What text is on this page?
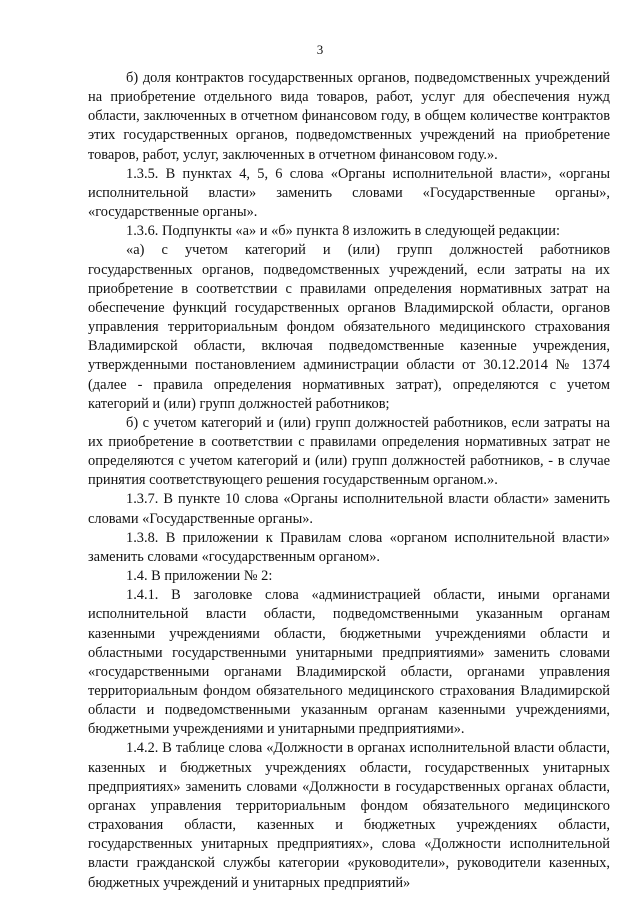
3

б) доля контрактов государственных органов, подведомственных учреждений на приобретение отдельного вида товаров, работ, услуг для обеспечения нужд области, заключенных в отчетном финансовом году, в общем количестве контрактов этих государственных органов, подведомственных учреждений на приобретение товаров, работ, услуг, заключенных в отчетном финансовом году.».

1.3.5. В пунктах 4, 5, 6 слова «Органы исполнительной власти», «органы исполнительной власти» заменить словами «Государственные органы», «государственные органы».

1.3.6. Подпункты «а» и «б» пункта 8 изложить в следующей редакции:

«а) с учетом категорий и (или) групп должностей работников государственных органов, подведомственных учреждений, если затраты на их приобретение в соответствии с правилами определения нормативных затрат на обеспечение функций государственных органов Владимирской области, органов управления территориальным фондом обязательного медицинского страхования Владимирской области, включая подведомственные казенные учреждения, утвержденными постановлением администрации области от 30.12.2014 № 1374 (далее - правила определения нормативных затрат), определяются с учетом категорий и (или) групп должностей работников;

б) с учетом категорий и (или) групп должностей работников, если затраты на их приобретение в соответствии с правилами определения нормативных затрат не определяются с учетом категорий и (или) групп должностей работников, - в случае принятия соответствующего решения государственным органом.».

1.3.7. В пункте 10 слова «Органы исполнительной власти области» заменить словами «Государственные органы».

1.3.8. В приложении к Правилам слова «органом исполнительной власти» заменить словами «государственным органом».

1.4. В приложении № 2:

1.4.1. В заголовке слова «администрацией области, иными органами исполнительной власти области, подведомственными указанным органам казенными учреждениями области, бюджетными учреждениями области и областными государственными унитарными предприятиями» заменить словами «государственными органами Владимирской области, органами управления территориальным фондом обязательного медицинского страхования Владимирской области и подведомственными указанным органам казенными учреждениями, бюджетными учреждениями и унитарными предприятиями».

1.4.2. В таблице слова «Должности в органах исполнительной власти области, казенных и бюджетных учреждениях области, государственных унитарных предприятиях» заменить словами «Должности в государственных органах области, органах управления территориальным фондом обязательного медицинского страхования области, казенных и бюджетных учреждениях области, государственных унитарных предприятиях», слова «Должности исполнительной власти гражданской службы категории «руководители», руководители казенных, бюджетных учреждений и унитарных предприятий»
